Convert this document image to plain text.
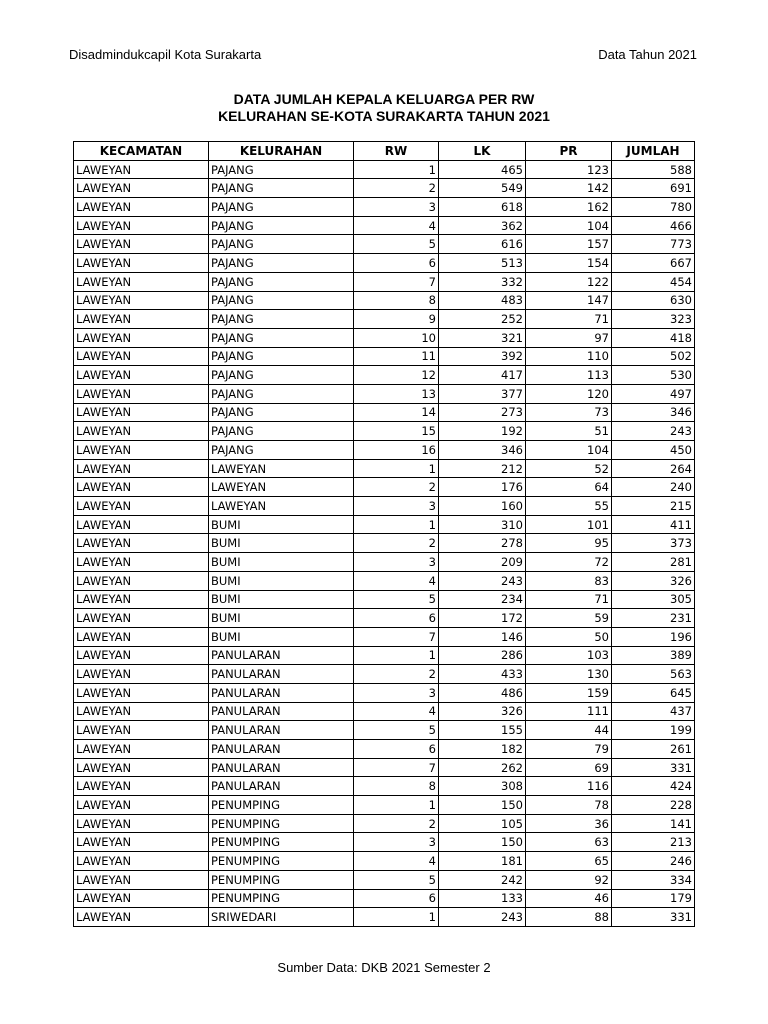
Disadmindukcapil Kota Surakarta	Data Tahun 2021
DATA JUMLAH KEPALA KELUARGA PER RW
KELURAHAN SE-KOTA SURAKARTA TAHUN 2021
KECAMATAN	KELURAHAN	RW	LK	PR	JUMLAH
LAWEYAN	PAJANG	1	465	123	588
LAWEYAN	PAJANG	2	549	142	691
LAWEYAN	PAJANG	3	618	162	780
LAWEYAN	PAJANG	4	362	104	466
LAWEYAN	PAJANG	5	616	157	773
LAWEYAN	PAJANG	6	513	154	667
LAWEYAN	PAJANG	7	332	122	454
LAWEYAN	PAJANG	8	483	147	630
LAWEYAN	PAJANG	9	252	71	323
LAWEYAN	PAJANG	10	321	97	418
LAWEYAN	PAJANG	11	392	110	502
LAWEYAN	PAJANG	12	417	113	530
LAWEYAN	PAJANG	13	377	120	497
LAWEYAN	PAJANG	14	273	73	346
LAWEYAN	PAJANG	15	192	51	243
LAWEYAN	PAJANG	16	346	104	450
LAWEYAN	LAWEYAN	1	212	52	264
LAWEYAN	LAWEYAN	2	176	64	240
LAWEYAN	LAWEYAN	3	160	55	215
LAWEYAN	BUMI	1	310	101	411
LAWEYAN	BUMI	2	278	95	373
LAWEYAN	BUMI	3	209	72	281
LAWEYAN	BUMI	4	243	83	326
LAWEYAN	BUMI	5	234	71	305
LAWEYAN	BUMI	6	172	59	231
LAWEYAN	BUMI	7	146	50	196
LAWEYAN	PANULARAN	1	286	103	389
LAWEYAN	PANULARAN	2	433	130	563
LAWEYAN	PANULARAN	3	486	159	645
LAWEYAN	PANULARAN	4	326	111	437
LAWEYAN	PANULARAN	5	155	44	199
LAWEYAN	PANULARAN	6	182	79	261
LAWEYAN	PANULARAN	7	262	69	331
LAWEYAN	PANULARAN	8	308	116	424
LAWEYAN	PENUMPING	1	150	78	228
LAWEYAN	PENUMPING	2	105	36	141
LAWEYAN	PENUMPING	3	150	63	213
LAWEYAN	PENUMPING	4	181	65	246
LAWEYAN	PENUMPING	5	242	92	334
LAWEYAN	PENUMPING	6	133	46	179
LAWEYAN	SRIWEDARI	1	243	88	331
Sumber Data: DKB 2021 Semester 2
